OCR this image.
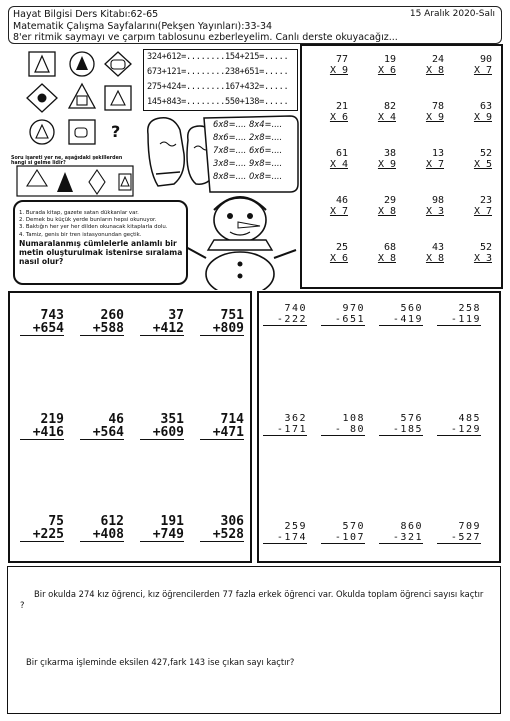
Hayat Bilgisi Ders Kitabı:62-65
Matematik Çalışma Sayfalarını(Pekşen Yayınları):33-34
8'er ritmik saymayı ve çarpım tablosunu ezberleyelim. Canlı derste okuyacağız...
15 Aralık 2020-Salı
?
Soru işareti yer ne, aşağıdaki şekillerden hangi si gelme lidir?
324+612=........154+215=.....
673+121=........238+651=.....
275+424=........167+432=.....
145+843=........550+138=.....
6x8=.... 8x4=....
8x6=.... 2x8=....
7x8=.... 6x6=....
3x8=.... 9x8=....
8x8=.... 0x8=....

1. Burada kitap, gazete satan dükkanlar var.

2. Demek bu küçük yerde bunların hepsi okunuyor.

3. Baktığın her yer her dilden okunacak kitaplarla dolu.

4. Tamiz, genis bir tren istasyonundan geçtik.

Numaralanmış cümlelerle anlamlı bir metin oluşturulmak istenirse sıralama nasıl olur?
77
X 9
19
X 6
24
X 8
90
X 7
21
X 6
82
X 4
78
X 9
63
X 9
61
X 4
38
X 9
13
X 7
52
X 5
46
X 7
29
X 8
98
X 3
23
X 7
25
X 6
68
X 8
43
X 8
52
X 3
743
+654
260
+588
37
+412
751
+809
219
+416
46
+564
351
+609
714
+471
75
+225
612
+408
191
+749
306
+528
740
-222
970
-651
560
-419
258
-119
362
-171
108
- 80
576
-185
485
-129
259
-174
570
-107
860
-321
709
-527

Bir okulda 274 kız öğrenci, kız öğrencilerden 77 fazla erkek öğrenci var. Okulda toplam öğrenci sayısı kaçtır ?

Bir çıkarma işleminde eksilen 427,fark 143 ise çıkan sayı kaçtır?
